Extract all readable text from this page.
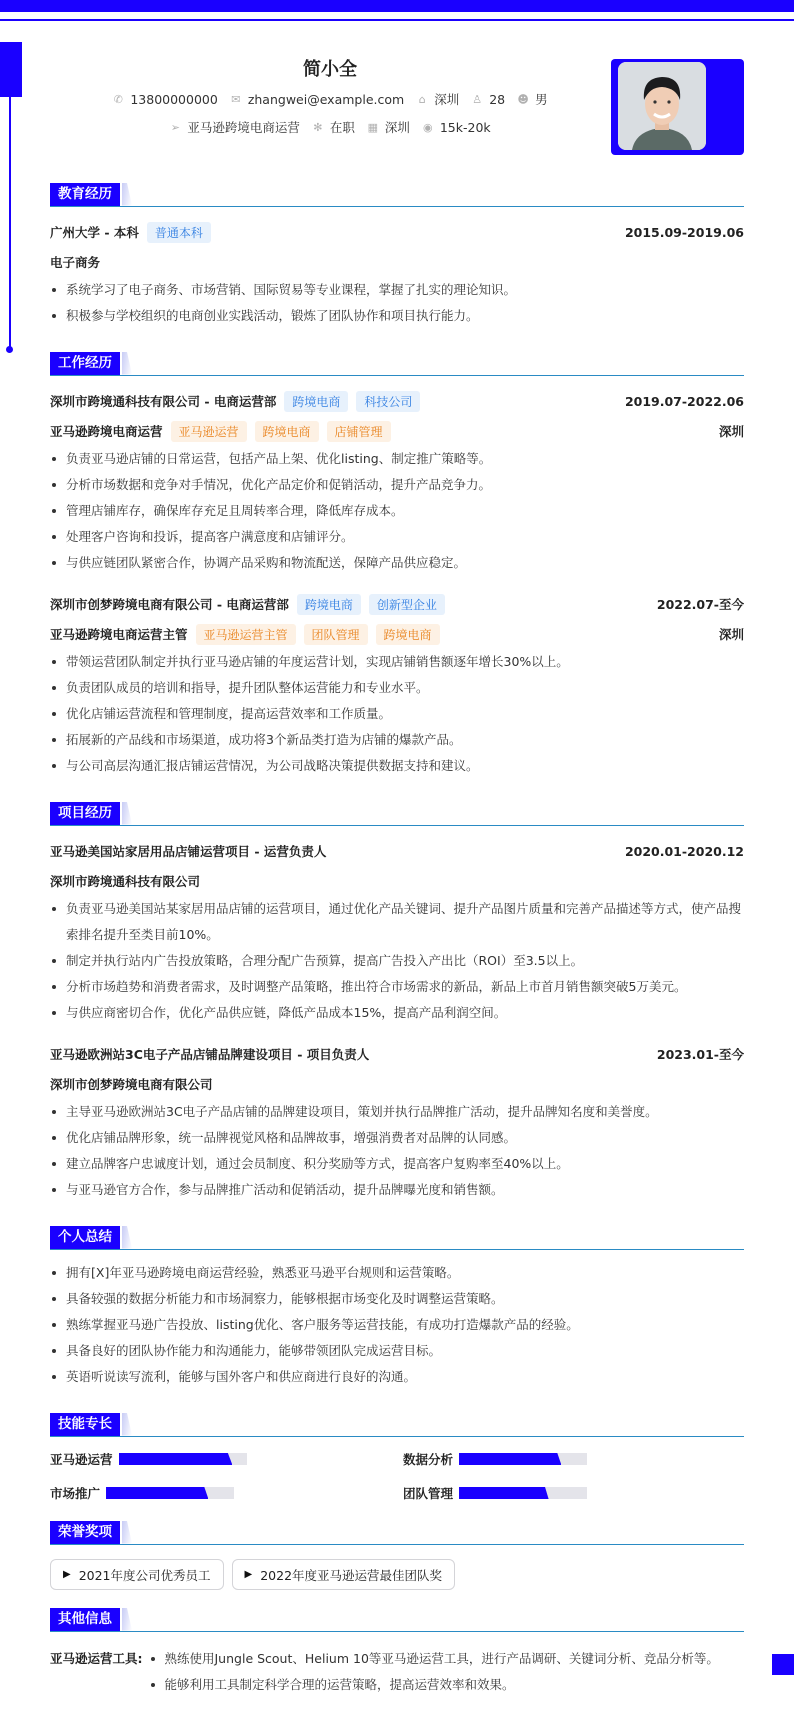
简小全
✆ 13800000000 ✉ zhangwei@example.com ⌂ 深圳 ♙ 28 ☻ 男
➢ 亚马逊跨境电商运营 ✻ 在职 ▦ 深圳 ◉ 15k-20k
教育经历
广州大学 - 本科	普通本科	2015.09-2019.06
电子商务
系统学习了电子商务、市场营销、国际贸易等专业课程，掌握了扎实的理论知识。
积极参与学校组织的电商创业实践活动，锻炼了团队协作和项目执行能力。
工作经历
深圳市跨境通科技有限公司 - 电商运营部	跨境电商	科技公司	2019.07-2022.06
亚马逊跨境电商运营	亚马逊运营	跨境电商	店铺管理	深圳
负责亚马逊店铺的日常运营，包括产品上架、优化listing、制定推广策略等。
分析市场数据和竞争对手情况，优化产品定价和促销活动，提升产品竞争力。
管理店铺库存，确保库存充足且周转率合理，降低库存成本。
处理客户咨询和投诉，提高客户满意度和店铺评分。
与供应链团队紧密合作，协调产品采购和物流配送，保障产品供应稳定。
深圳市创梦跨境电商有限公司 - 电商运营部	跨境电商	创新型企业	2022.07-至今
亚马逊跨境电商运营主管	亚马逊运营主管	团队管理	跨境电商	深圳
带领运营团队制定并执行亚马逊店铺的年度运营计划，实现店铺销售额逐年增长30%以上。
负责团队成员的培训和指导，提升团队整体运营能力和专业水平。
优化店铺运营流程和管理制度，提高运营效率和工作质量。
拓展新的产品线和市场渠道，成功将3个新品类打造为店铺的爆款产品。
与公司高层沟通汇报店铺运营情况，为公司战略决策提供数据支持和建议。
项目经历
亚马逊美国站家居用品店铺运营项目 - 运营负责人	2020.01-2020.12
深圳市跨境通科技有限公司
负责亚马逊美国站某家居用品店铺的运营项目，通过优化产品关键词、提升产品图片质量和完善产品描述等方式，使产品搜索排名提升至类目前10%。
制定并执行站内广告投放策略，合理分配广告预算，提高广告投入产出比（ROI）至3.5以上。
分析市场趋势和消费者需求，及时调整产品策略，推出符合市场需求的新品，新品上市首月销售额突破5万美元。
与供应商密切合作，优化产品供应链，降低产品成本15%，提高产品利润空间。
亚马逊欧洲站3C电子产品店铺品牌建设项目 - 项目负责人	2023.01-至今
深圳市创梦跨境电商有限公司
主导亚马逊欧洲站3C电子产品店铺的品牌建设项目，策划并执行品牌推广活动，提升品牌知名度和美誉度。
优化店铺品牌形象，统一品牌视觉风格和品牌故事，增强消费者对品牌的认同感。
建立品牌客户忠诚度计划，通过会员制度、积分奖励等方式，提高客户复购率至40%以上。
与亚马逊官方合作，参与品牌推广活动和促销活动，提升品牌曝光度和销售额。
个人总结
拥有[X]年亚马逊跨境电商运营经验，熟悉亚马逊平台规则和运营策略。
具备较强的数据分析能力和市场洞察力，能够根据市场变化及时调整运营策略。
熟练掌握亚马逊广告投放、listing优化、客户服务等运营技能，有成功打造爆款产品的经验。
具备良好的团队协作能力和沟通能力，能够带领团队完成运营目标。
英语听说读写流利，能够与国外客户和供应商进行良好的沟通。
技能专长
亚马逊运营	数据分析
市场推广	团队管理
荣誉奖项
▶ 2021年度公司优秀员工	▶ 2022年度亚马逊运营最佳团队奖
其他信息
亚马逊运营工具:	熟练使用Jungle Scout、Helium 10等亚马逊运营工具，进行产品调研、关键词分析、竞品分析等。
能够利用工具制定科学合理的运营策略，提高运营效率和效果。
